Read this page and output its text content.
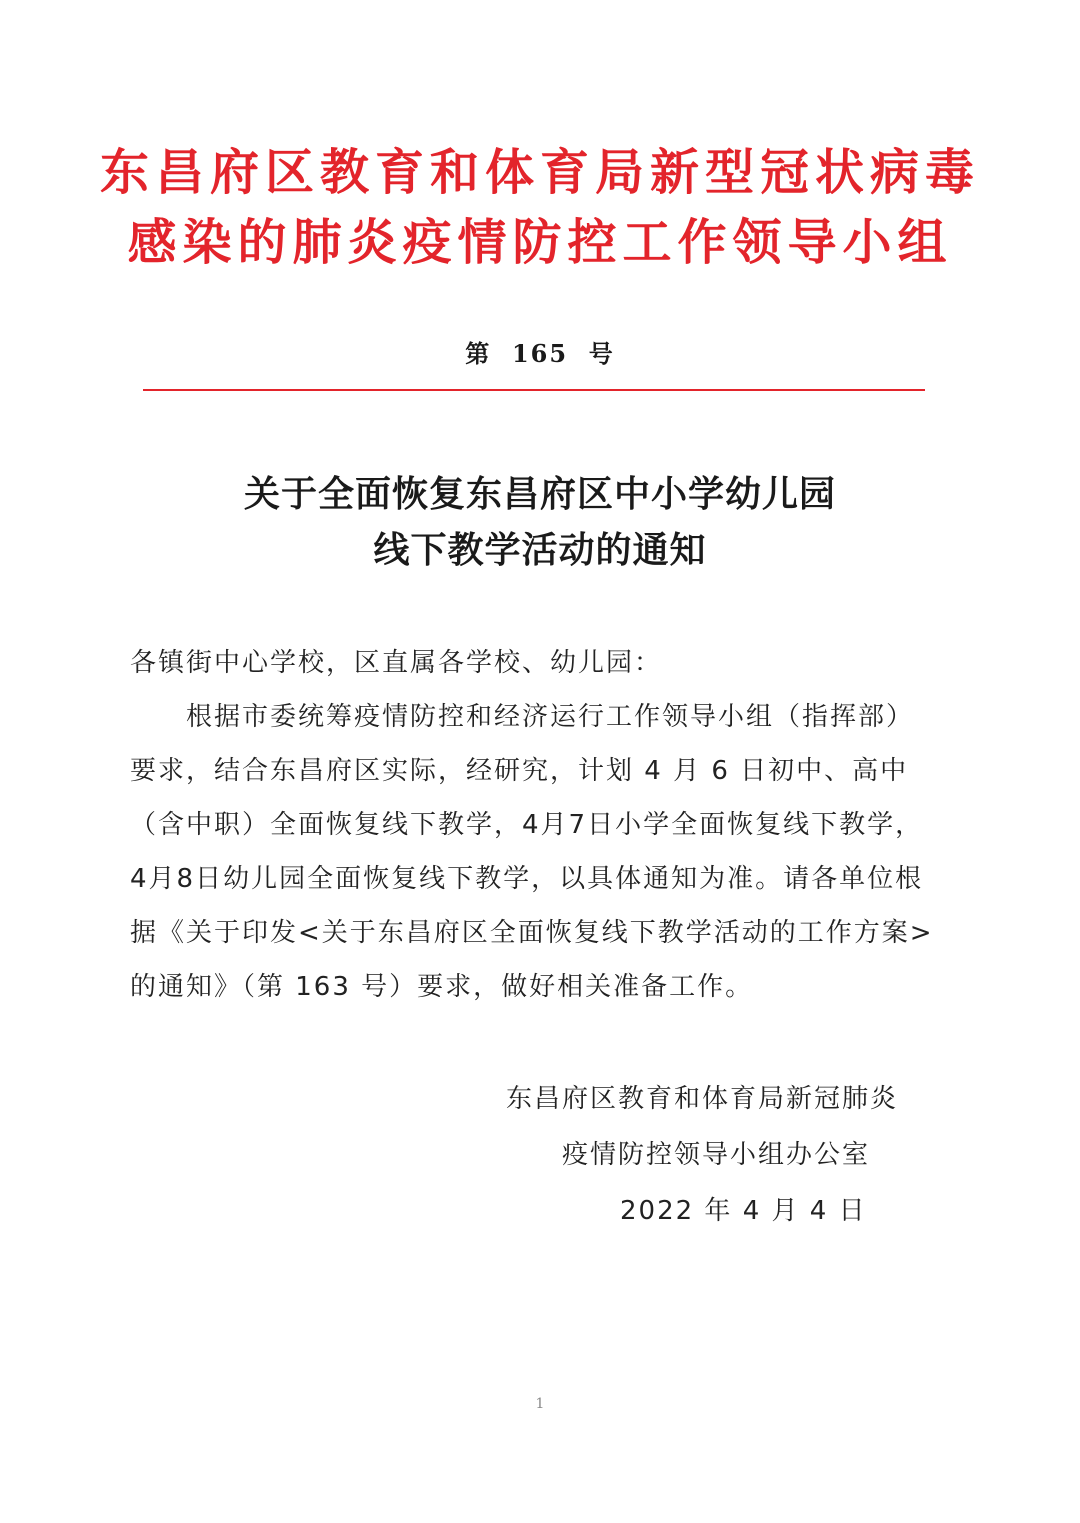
东昌府区教育和体育局新型冠状病毒
感染的肺炎疫情防控工作领导小组
第  165  号
关于全面恢复东昌府区中小学幼儿园
线下教学活动的通知
各镇街中心学校，区直属各学校、幼儿园：
根据市委统筹疫情防控和经济运行工作领导小组（指挥部）
要求，结合东昌府区实际，经研究，计划 4 月 6 日初中、高中
（含中职）全面恢复线下教学，4月7日小学全面恢复线下教学，
4月8日幼儿园全面恢复线下教学，以具体通知为准。请各单位根
据《关于印发<关于东昌府区全面恢复线下教学活动的工作方案>
的通知》（第 163 号）要求，做好相关准备工作。
东昌府区教育和体育局新冠肺炎
疫情防控领导小组办公室
2022 年 4 月 4 日
1
